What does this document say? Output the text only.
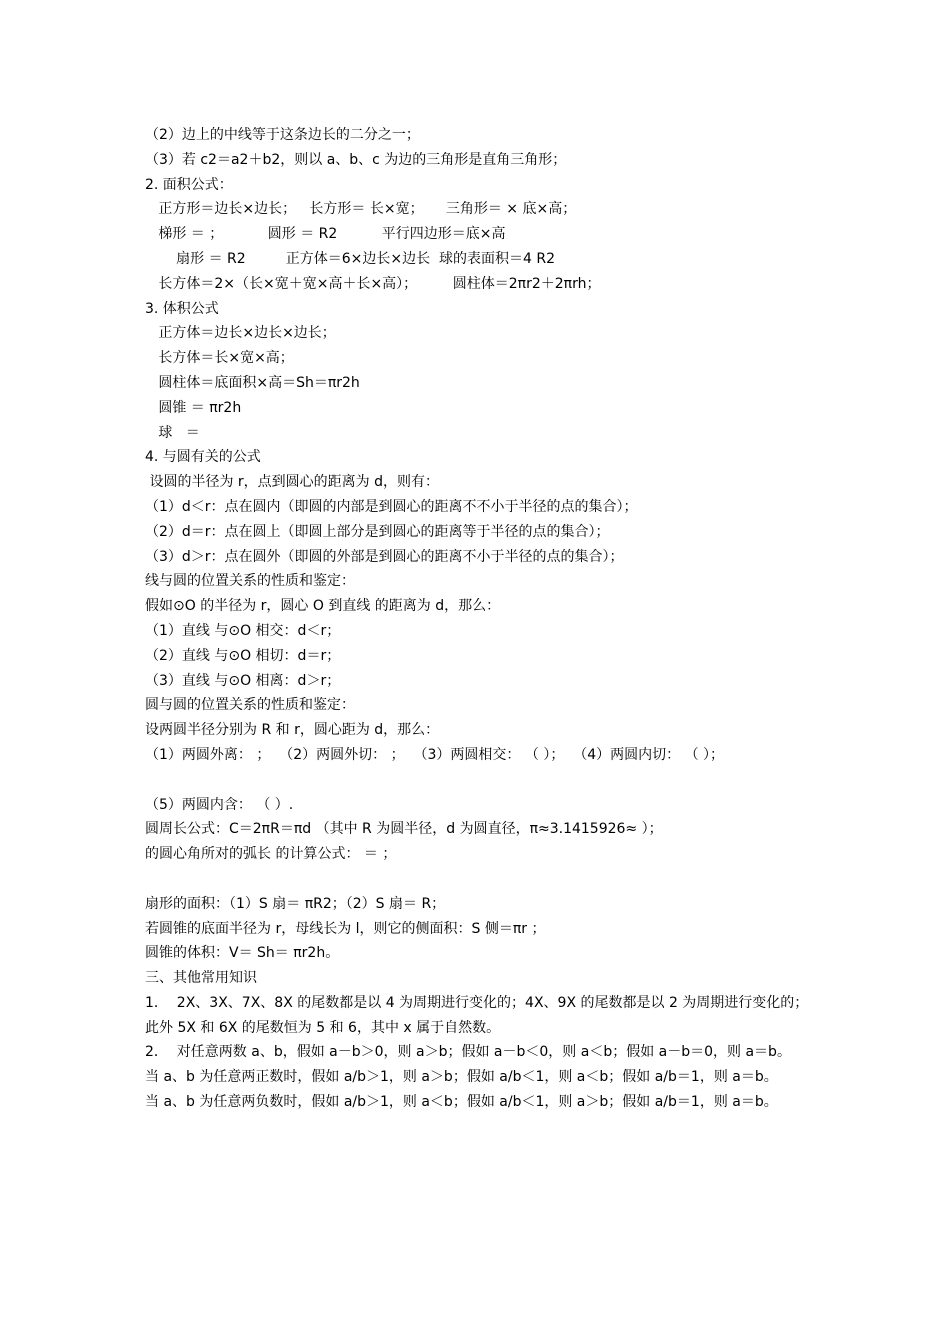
（2）边上的中线等于这条边长的二分之一；
（3）若 c2＝a2＋b2，则以 a、b、c 为边的三角形是直角三角形；
2. 面积公式：
正方形＝边长×边长；   长方形＝ 长×宽；     三角形＝ × 底×高；
梯形 ＝ ；          圆形 ＝ R2          平行四边形＝底×高
扇形 ＝ R2         正方体＝6×边长×边长  球的表面积＝4 R2
长方体＝2×（长×宽＋宽×高＋长×高）；        圆柱体＝2πr2＋2πrh；
3. 体积公式
正方体＝边长×边长×边长；
长方体＝长×宽×高；
圆柱体＝底面积×高＝Sh＝πr2h
圆锥 ＝ πr2h
球   ＝
4. 与圆有关的公式
设圆的半径为 r，点到圆心的距离为 d，则有：
（1）d＜r：点在圆内（即圆的内部是到圆心的距离不不小于半径的点的集合）；
（2）d＝r：点在圆上（即圆上部分是到圆心的距离等于半径的点的集合）；
（3）d＞r：点在圆外（即圆的外部是到圆心的距离不小于半径的点的集合）；
线与圆的位置关系的性质和鉴定：
假如⊙O 的半径为 r，圆心 O 到直线 的距离为 d，那么：
（1）直线 与⊙O 相交：d＜r；
（2）直线 与⊙O 相切：d＝r；
（3）直线 与⊙O 相离：d＞r；
圆与圆的位置关系的性质和鉴定：
设两圆半径分别为 R 和 r，圆心距为 d，那么：
（1）两圆外离： ；  （2）两圆外切： ；  （3）两圆相交： （ ）；  （4）两圆内切： （ ）；
（5）两圆内含： （ ）.
圆周长公式：C＝2πR＝πd （其中 R 为圆半径，d 为圆直径，π≈3.1415926≈ ）；
的圆心角所对的弧长 的计算公式： ＝ ；
扇形的面积：（1）S 扇＝ πR2；（2）S 扇＝ R；
若圆锥的底面半径为 r，母线长为 l，则它的侧面积：S 侧＝πr ；
圆锥的体积：V＝ Sh＝ πr2h。
三、其他常用知识
1．  2X、3X、7X、8X 的尾数都是以 4 为周期进行变化的；4X、9X 的尾数都是以 2 为周期进行变化的；
此外 5X 和 6X 的尾数恒为 5 和 6，其中 x 属于自然数。
2．  对任意两数 a、b，假如 a－b＞0，则 a＞b；假如 a－b＜0，则 a＜b；假如 a－b＝0，则 a＝b。
当 a、b 为任意两正数时，假如 a/b＞1，则 a＞b；假如 a/b＜1，则 a＜b；假如 a/b＝1，则 a＝b。
当 a、b 为任意两负数时，假如 a/b＞1，则 a＜b；假如 a/b＜1，则 a＞b；假如 a/b＝1，则 a＝b。
